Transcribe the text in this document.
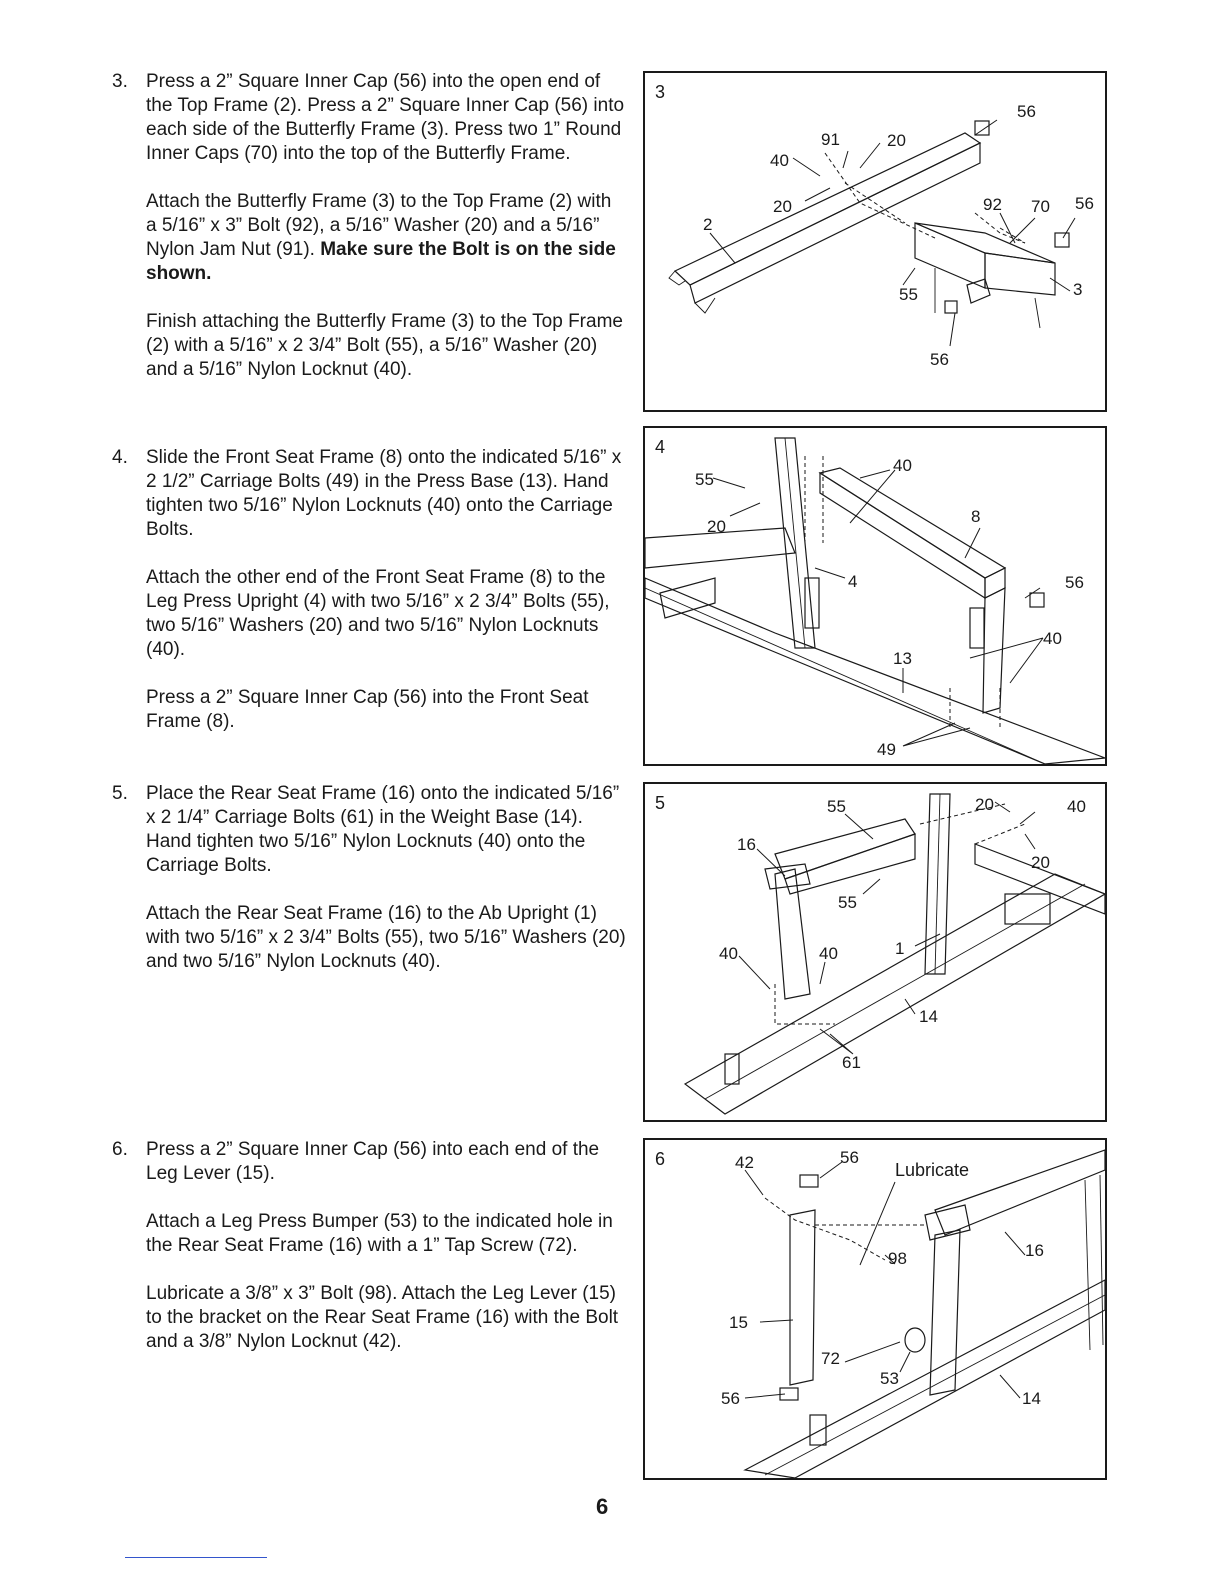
3. Press a 2” Square Inner Cap (56) into the open end of the Top Frame (2). Press a 2” Square Inner Cap (56) into each side of the Butterfly Frame (3). Press two 1” Round Inner Caps (70) into the top of the Butterfly Frame.

Attach the Butterfly Frame (3) to the Top Frame (2) with a 5/16” x 3” Bolt (92), a 5/16” Washer (20) and a 5/16” Nylon Jam Nut (91). Make sure the Bolt is on the side shown.

Finish attaching the Butterfly Frame (3) to the Top Frame (2) with a 5/16” x 2 3/4” Bolt (55), a 5/16” Washer (20) and a 5/16” Nylon Locknut (40).

4. Slide the Front Seat Frame (8) onto the indicated 5/16” x 2 1/2” Carriage Bolts (49) in the Press Base (13). Hand tighten two 5/16” Nylon Locknuts (40) onto the Carriage Bolts.

Attach the other end of the Front Seat Frame (8) to the Leg Press Upright (4) with two 5/16” x 2 3/4” Bolts (55), two 5/16” Washers (20) and two 5/16” Nylon Locknuts (40).

Press a 2” Square Inner Cap (56) into the Front Seat Frame (8).

5. Place the Rear Seat Frame (16) onto the indicated 5/16” x 2 1/4” Carriage Bolts (61) in the Weight Base (14). Hand tighten two 5/16” Nylon Locknuts (40) onto the Carriage Bolts.

Attach the Rear Seat Frame (16) to the Ab Upright (1) with two 5/16” x 2 3/4” Bolts (55), two 5/16” Washers (20) and two 5/16” Nylon Locknuts (40).

6. Press a 2” Square Inner Cap (56) into each end of the Leg Lever (15).

Attach a Leg Press Bumper (53) to the indicated hole in the Rear Seat Frame (16) with a 1” Tap Screw (72).

Lubricate a 3/8” x 3” Bolt (98). Attach the Leg Lever (15) to the bracket on the Rear Seat Frame (16) with the Bolt and a 3/8” Nylon Locknut (42).

3
56
91	20
40
20	92 70 56
2
55	3
56
4
55
40
20
8
4	56
40
13
49
5	55	20	40
16
20
55
40	40	1
14
61
6	42	56
Lubricate
98	16
15
72
53
56	14
6
